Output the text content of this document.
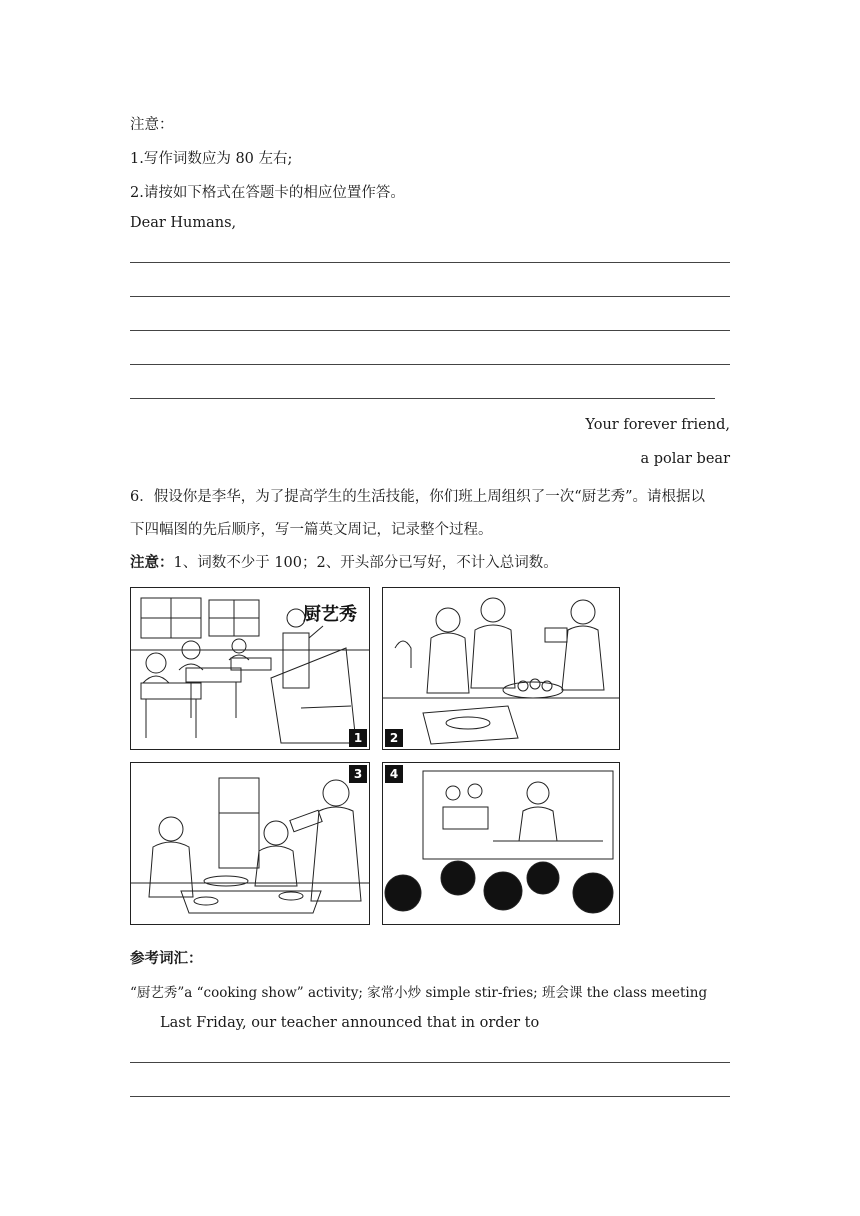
注意：
1.写作词数应为 80 左右;
2.请按如下格式在答题卡的相应位置作答。
Dear Humans,
Your forever friend,
a polar bear
6．假设你是李华，为了提高学生的生活技能，你们班上周组织了一次“厨艺秀”。请根据以
下四幅图的先后顺序，写一篇英文周记，记录整个过程。
注意：1、词数不少于 100；2、开头部分已写好，不计入总词数。
厨艺秀
1	2
3	4
参考词汇：
“厨艺秀”a “cooking show” activity; 家常小炒 simple stir-fries; 班会课 the class meeting
Last Friday, our teacher announced that in order to
